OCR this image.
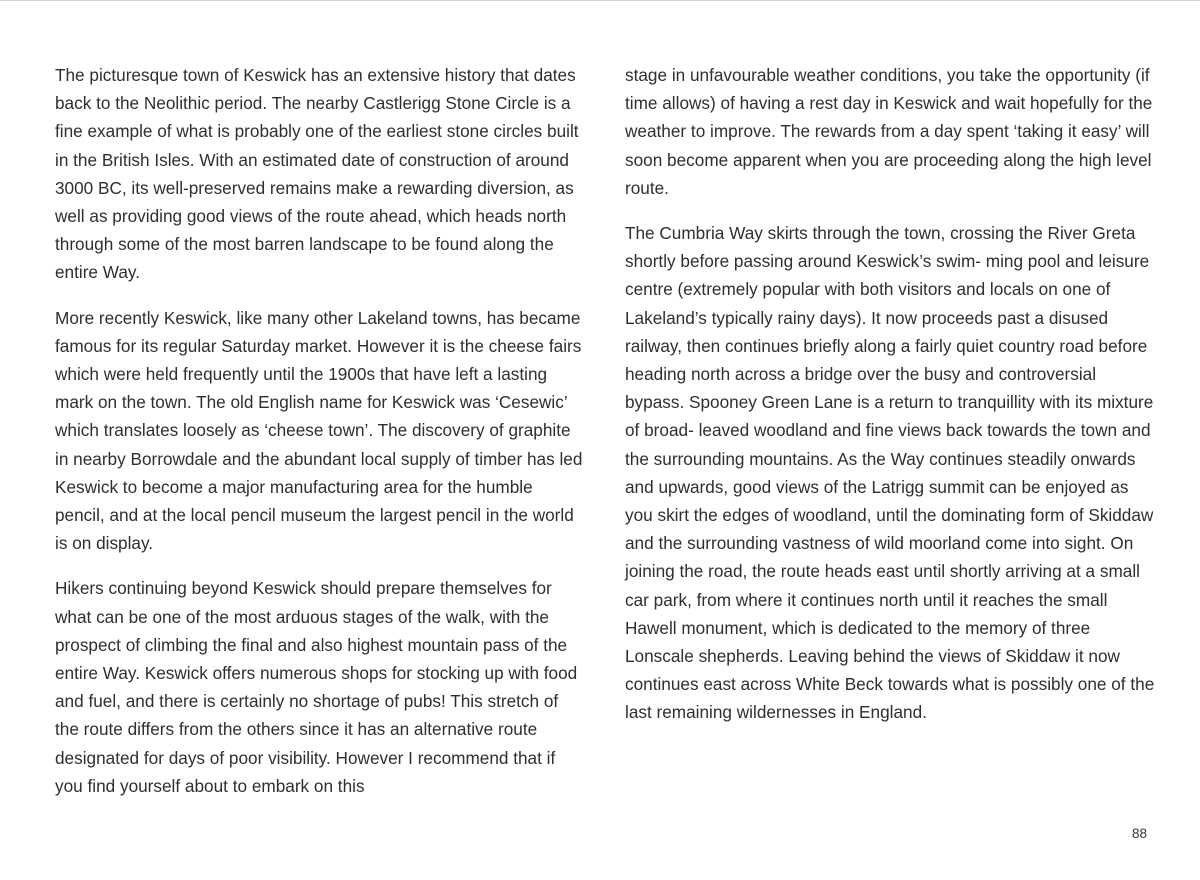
The picturesque town of Keswick has an extensive history that dates back to the Neolithic period. The nearby Castlerigg Stone Circle is a fine example of what is probably one of the earliest stone circles built in the British Isles. With an estimated date of construction of around 3000 BC, its well-preserved remains make a rewarding diversion, as well as providing good views of the route ahead, which heads north through some of the most barren landscape to be found along the entire Way.

More recently Keswick, like many other Lakeland towns, has became famous for its regular Saturday market. However it is the cheese fairs which were held frequently until the 1900s that have left a lasting mark on the town. The old English name for Keswick was ‘Cesewic’ which translates loosely as ‘cheese town’. The discovery of graphite in nearby Borrowdale and the abundant local supply of timber has led Keswick to become a major manufacturing area for the humble pencil, and at the local pencil museum the largest pencil in the world is on display.

Hikers continuing beyond Keswick should prepare themselves for what can be one of the most arduous stages of the walk, with the prospect of climbing the final and also highest mountain pass of the entire Way. Keswick offers numerous shops for stocking up with food and fuel, and there is certainly no shortage of pubs! This stretch of the route differs from the others since it has an alternative route designated for days of poor visibility. However I recommend that if you find yourself about to embark on this

stage in unfavourable weather conditions, you take the opportunity (if time allows) of having a rest day in Keswick and wait hopefully for the weather to improve. The rewards from a day spent ‘taking it easy’ will soon become apparent when you are proceeding along the high level route.

The Cumbria Way skirts through the town, crossing the River Greta shortly before passing around Keswick’s swim- ming pool and leisure centre (extremely popular with both visitors and locals on one of Lakeland’s typically rainy days). It now proceeds past a disused railway, then continues briefly along a fairly quiet country road before heading north across a bridge over the busy and controversial bypass. Spooney Green Lane is a return to tranquillity with its mixture of broad- leaved woodland and fine views back towards the town and the surrounding mountains. As the Way continues steadily onwards and upwards, good views of the Latrigg summit can be enjoyed as you skirt the edges of woodland, until the dominating form of Skiddaw and the surrounding vastness of wild moorland come into sight. On joining the road, the route heads east until shortly arriving at a small car park, from where it continues north until it reaches the small Hawell monument, which is dedicated to the memory of three Lonscale shepherds. Leaving behind the views of Skiddaw it now continues east across White Beck towards what is possibly one of the last remaining wildernesses in England.

88
